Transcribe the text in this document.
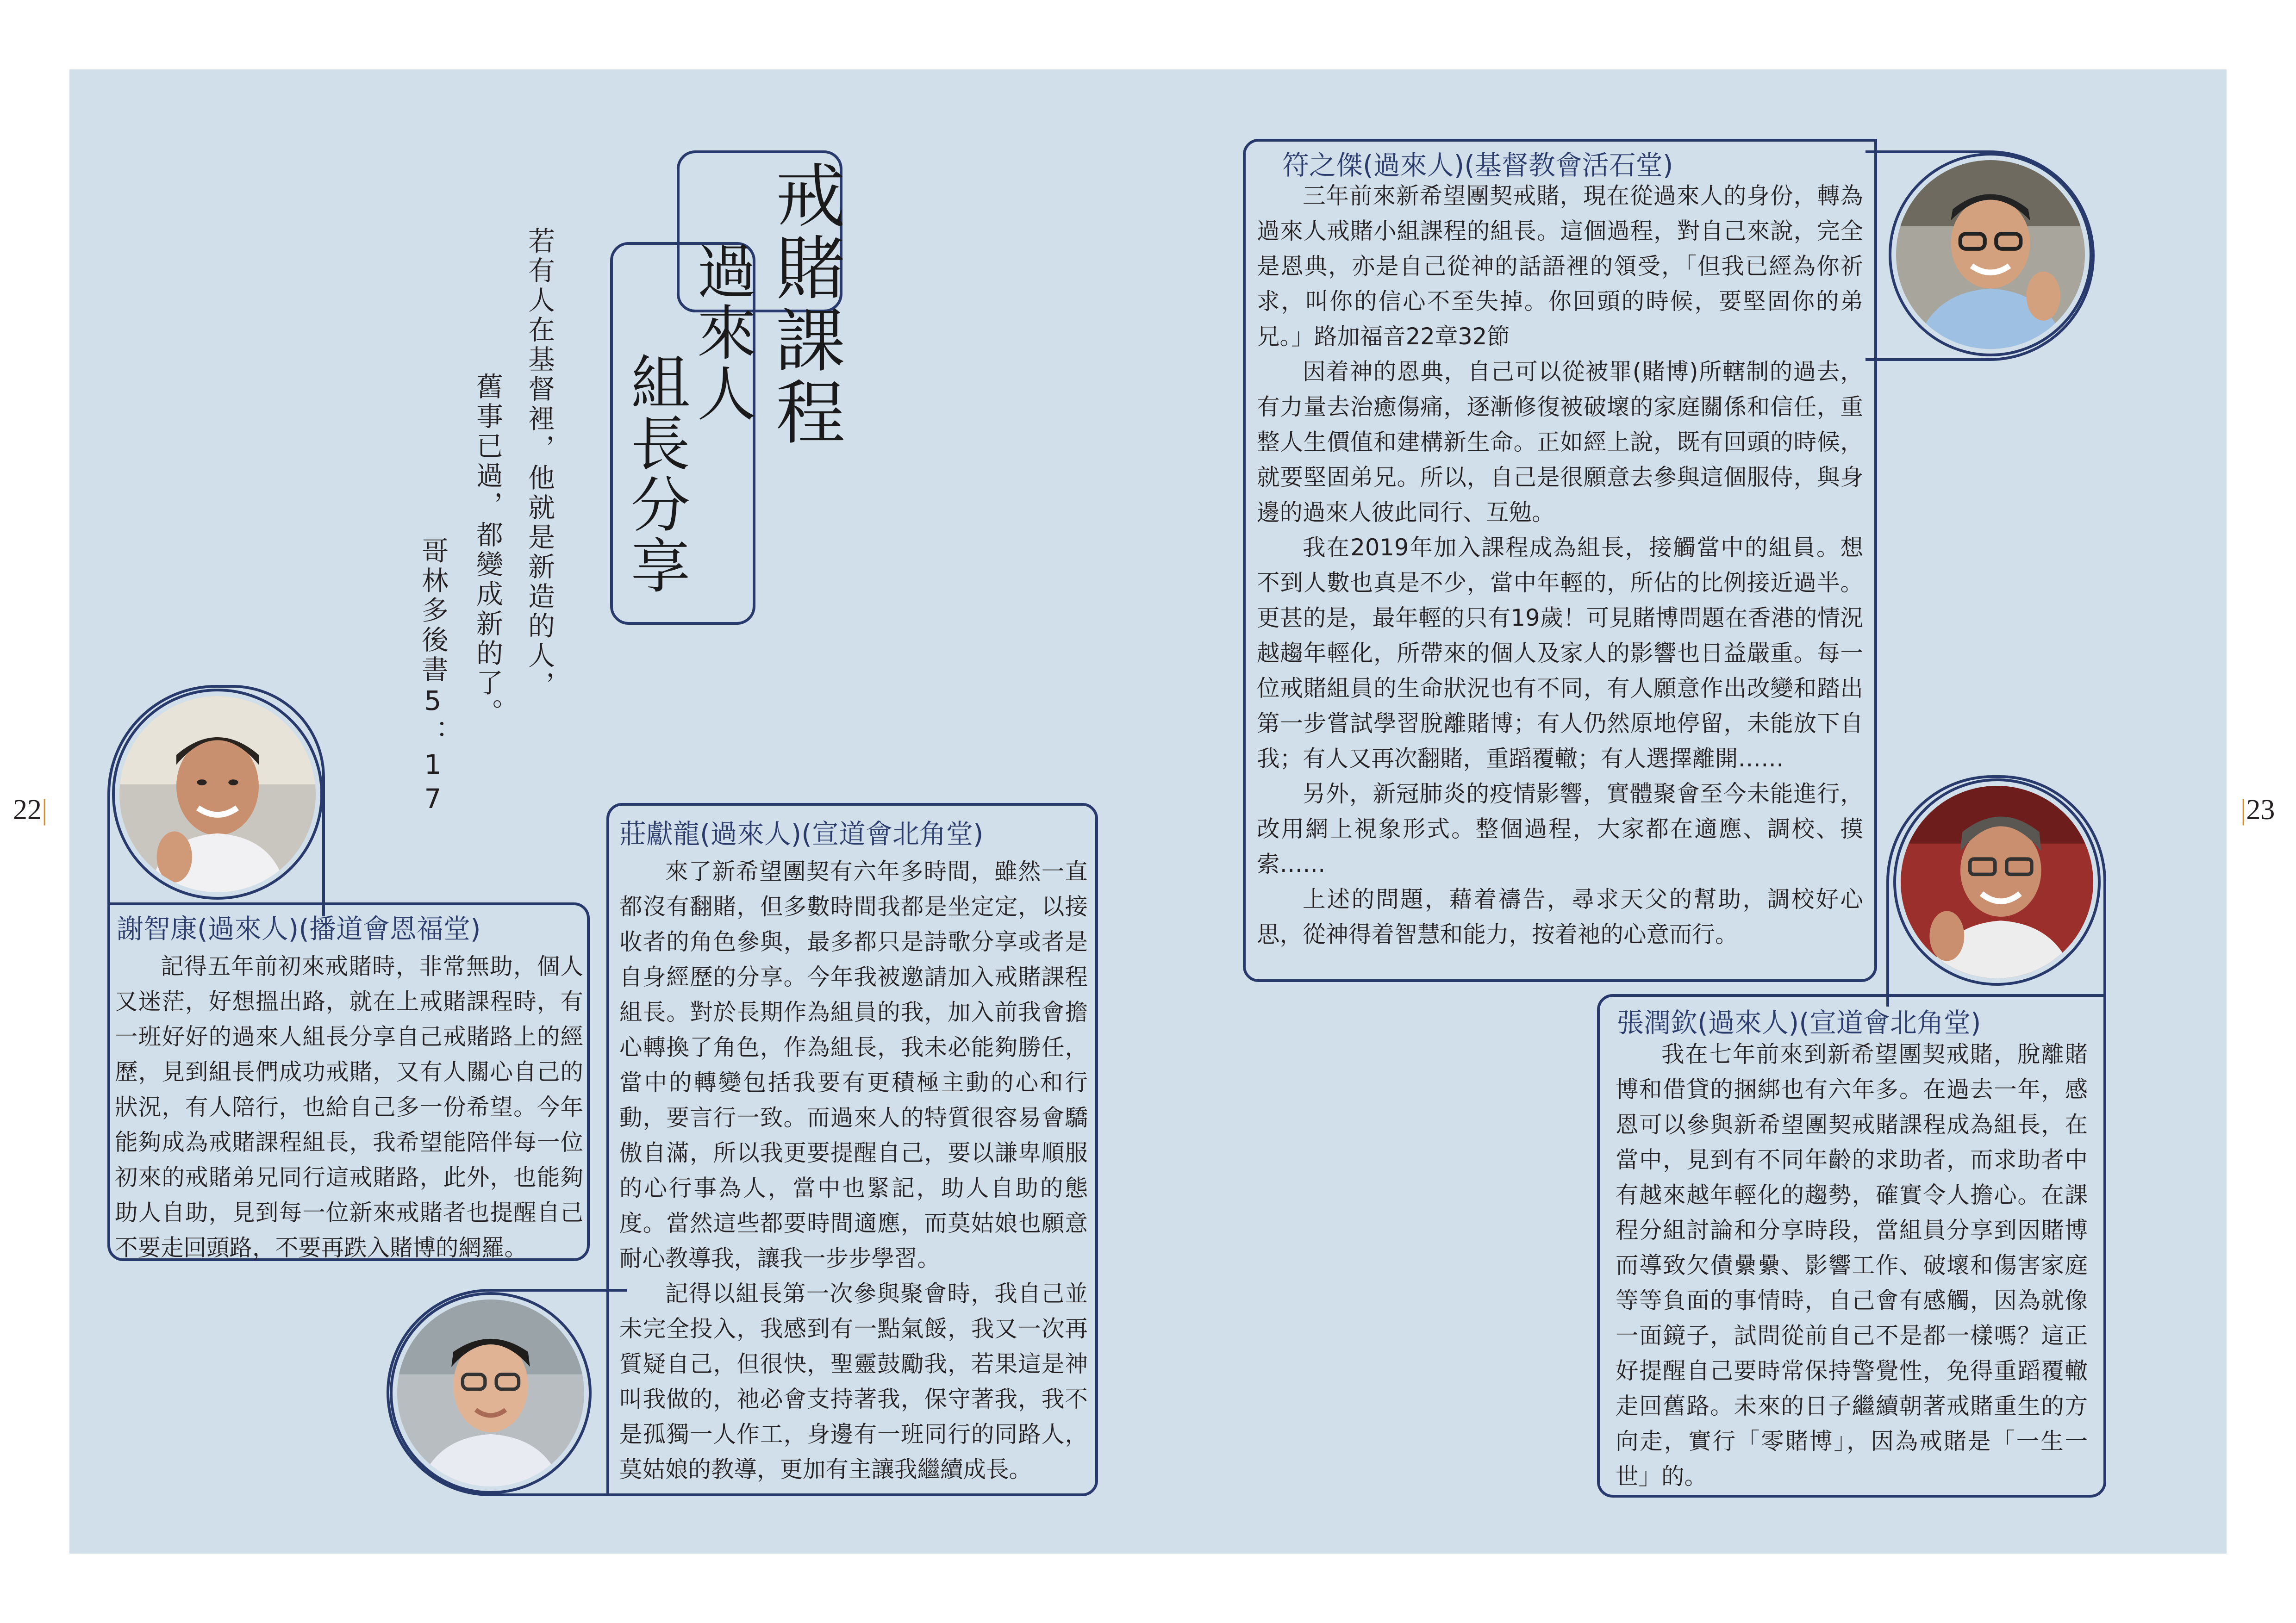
22|	|23
戒賭課程
過來人
組長分享
若有人在基督裡，他就是新造的人，
舊事已過，都變成新的了。
哥林多後書5：17
謝智康(過來人)(播道會恩福堂)

記得五年前初來戒賭時，非常無助，個人又迷茫，好想搵出路，就在上戒賭課程時，有一班好好的過來人組長分享自己戒賭路上的經歷，見到組長們成功戒賭，又有人關心自己的狀況，有人陪行，也給自己多一份希望。今年能夠成為戒賭課程組長，我希望能陪伴每一位初來的戒賭弟兄同行這戒賭路，此外，也能夠助人自助，見到每一位新來戒賭者也提醒自己不要走回頭路，不要再跌入賭博的網羅。

莊獻龍(過來人)(宣道會北角堂)

來了新希望團契有六年多時間，雖然一直都沒有翻賭，但多數時間我都是坐定定，以接收者的角色參與，最多都只是詩歌分享或者是自身經歷的分享。今年我被邀請加入戒賭課程組長。對於長期作為組員的我，加入前我會擔心轉換了角色，作為組長，我未必能夠勝任，當中的轉變包括我要有更積極主動的心和行動，要言行一致。而過來人的特質很容易會驕傲自滿，所以我更要提醒自己，要以謙卑順服的心行事為人，當中也緊記，助人自助的態度。當然這些都要時間適應，而莫姑娘也願意耐心教導我，讓我一步步學習。

記得以組長第一次參與聚會時，我自己並未完全投入，我感到有一點氣餒，我又一次再質疑自己，但很快，聖靈鼓勵我，若果這是神叫我做的，祂必會支持著我，保守著我，我不是孤獨一人作工，身邊有一班同行的同路人，莫姑娘的教導，更加有主讓我繼續成長。

符之傑(過來人)(基督教會活石堂)

三年前來新希望團契戒賭，現在從過來人的身份，轉為過來人戒賭小組課程的組長。這個過程，對自己來說，完全是恩典，亦是自己從神的話語裡的領受，「但我已經為你祈求，叫你的信心不至失掉。你回頭的時候，要堅固你的弟兄。」路加福音22章32節

因着神的恩典，自己可以從被罪(賭博)所轄制的過去，有力量去治癒傷痛，逐漸修復被破壞的家庭關係和信任，重整人生價值和建構新生命。正如經上說，既有回頭的時候，就要堅固弟兄。所以，自己是很願意去參與這個服侍，與身邊的過來人彼此同行、互勉。

我在2019年加入課程成為組長，接觸當中的組員。想不到人數也真是不少，當中年輕的，所佔的比例接近過半。更甚的是，最年輕的只有19歲！可見賭博問題在香港的情況越趨年輕化，所帶來的個人及家人的影響也日益嚴重。每一位戒賭組員的生命狀況也有不同，有人願意作出改變和踏出第一步嘗試學習脫離賭博；有人仍然原地停留，未能放下自我；有人又再次翻賭，重蹈覆轍；有人選擇離開……

另外，新冠肺炎的疫情影響，實體聚會至今未能進行，改用網上視象形式。整個過程，大家都在適應、調校、摸索……

上述的問題，藉着禱告，尋求天父的幫助，調校好心思，從神得着智慧和能力，按着祂的心意而行。

張潤欽(過來人)(宣道會北角堂)

我在七年前來到新希望團契戒賭，脫離賭博和借貸的捆綁也有六年多。在過去一年，感恩可以參與新希望團契戒賭課程成為組長，在當中，見到有不同年齡的求助者，而求助者中有越來越年輕化的趨勢，確實令人擔心。在課程分組討論和分享時段，當組員分享到因賭博而導致欠債纍纍、影響工作、破壞和傷害家庭等等負面的事情時，自己會有感觸，因為就像一面鏡子，試問從前自己不是都一樣嗎？這正好提醒自己要時常保持警覺性，免得重蹈覆轍走回舊路。未來的日子繼續朝著戒賭重生的方向走，實行「零賭博」，因為戒賭是「一生一世」的。
